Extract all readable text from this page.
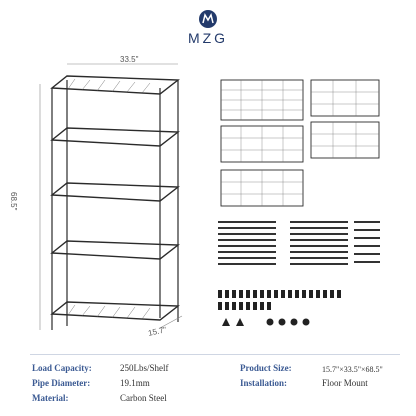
MZG
33.5"
68.5"
15.7"
Load Capacity:	250Lbs/Shelf
Pipe Diameter:	19.1mm
Material:	Carbon Steel
Product Size:	15.7"×33.5"×68.5"
Installation:	Floor Mount
